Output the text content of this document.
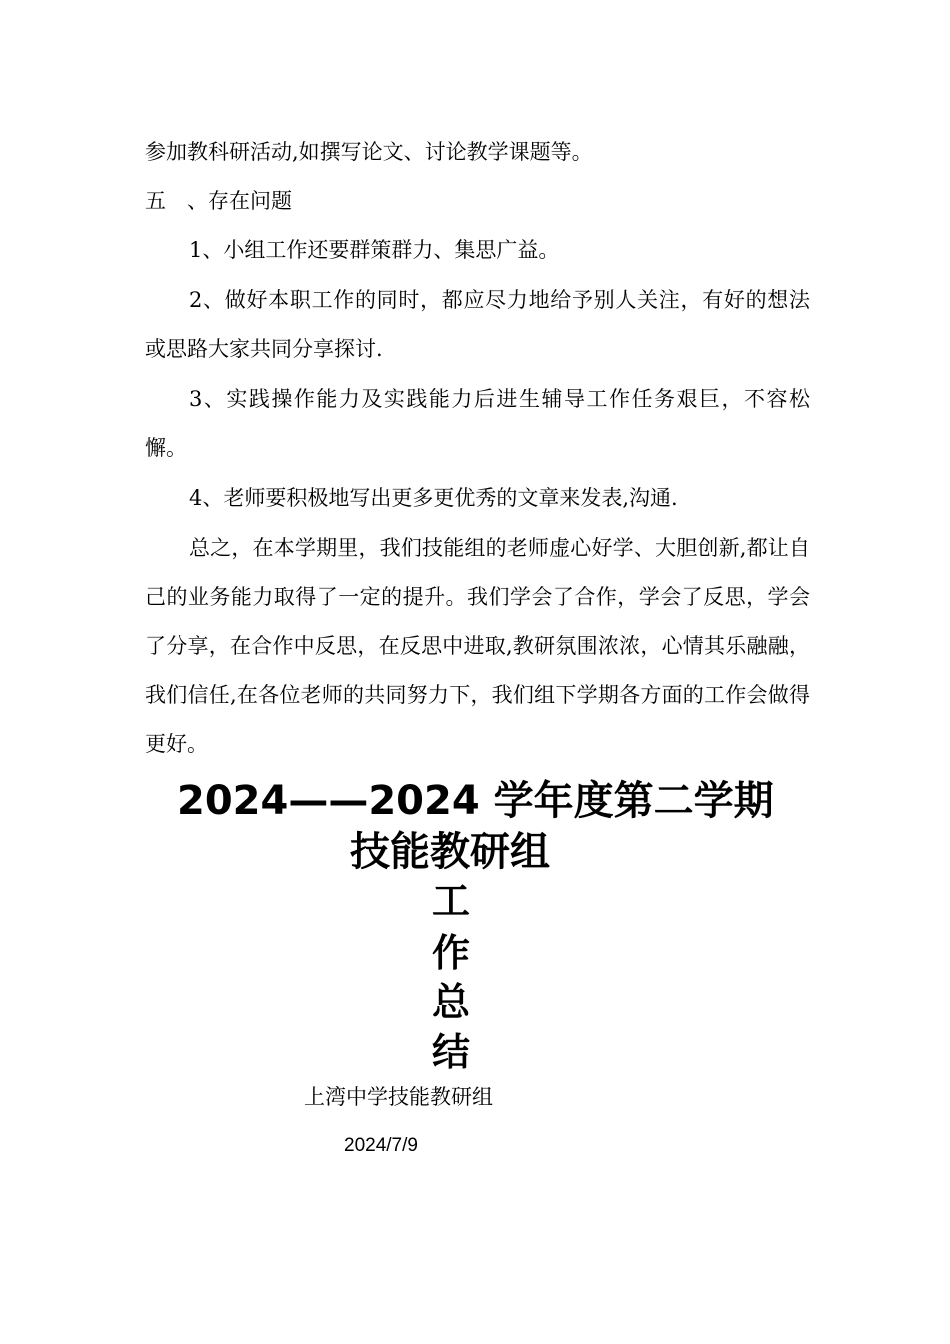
参加教科研活动,如撰写论文、讨论教学课题等。

五　、存在问题

1、小组工作还要群策群力、集思广益。

2、做好本职工作的同时，都应尽力地给予别人关注，有好的想法或思路大家共同分享探讨.

3、实践操作能力及实践能力后进生辅导工作任务艰巨，不容松懈。

4、老师要积极地写出更多更优秀的文章来发表,沟通.

总之，在本学期里，我们技能组的老师虚心好学、大胆创新,都让自己的业务能力取得了一定的提升。我们学会了合作，学会了反思，学会了分享，在合作中反思，在反思中进取,教研氛围浓浓，心情其乐融融，我们信任,在各位老师的共同努力下，我们组下学期各方面的工作会做得更好。

2024——2024 学年度第二学期
技能教研组
工
作
总
结

上湾中学技能教研组

2024/7/9
